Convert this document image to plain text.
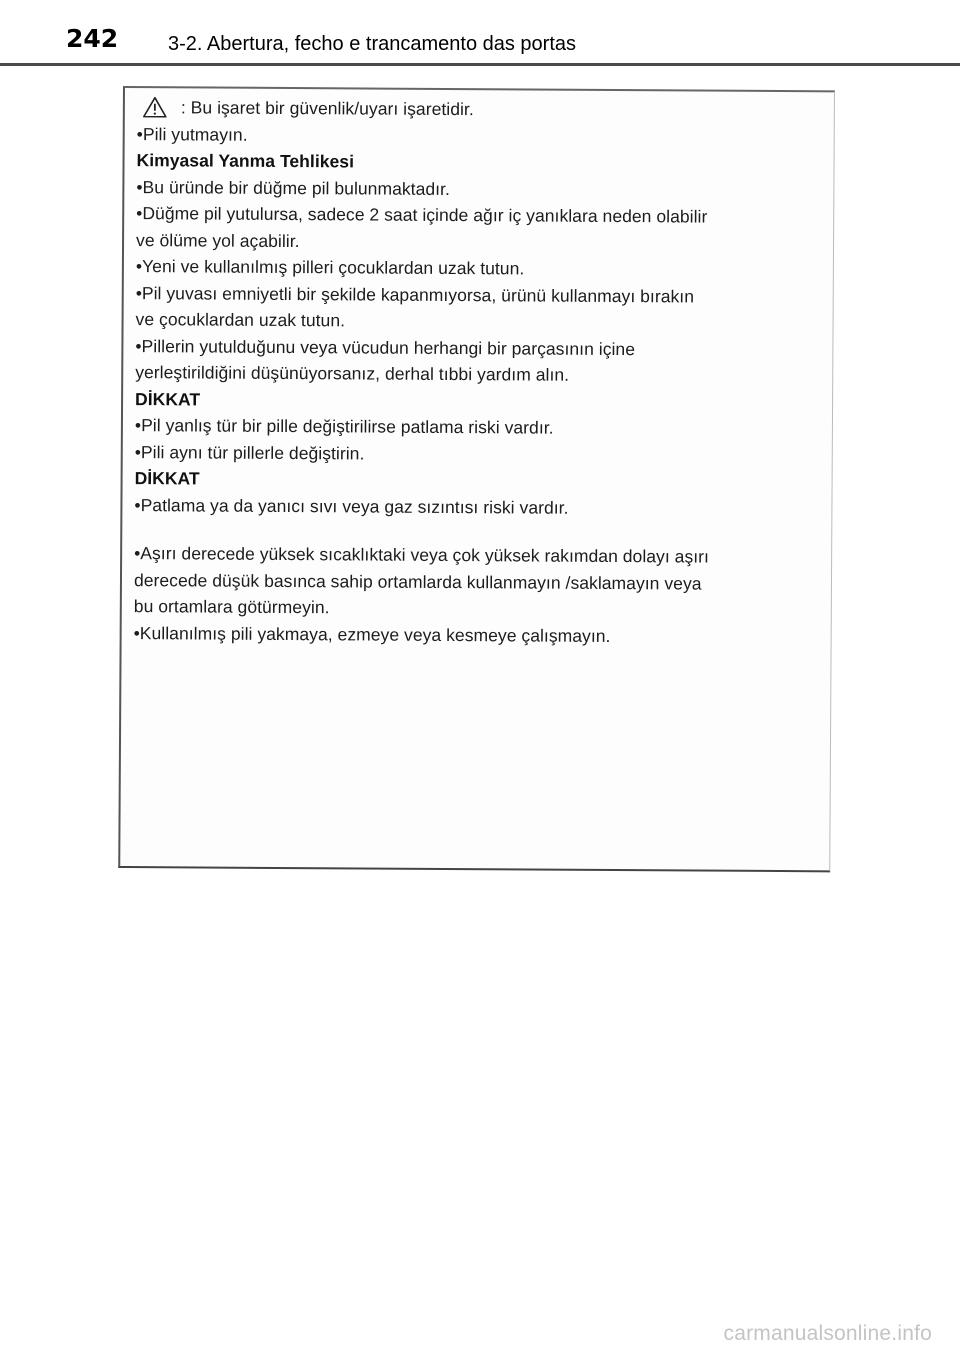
242 3-2. Abertura, fecho e trancamento das portas
: Bu işaret bir güvenlik/uyarı işaretidir.
•Pili yutmayın.
Kimyasal Yanma Tehlikesi
•Bu üründe bir düğme pil bulunmaktadır.
•Düğme pil yutulursa, sadece 2 saat içinde ağır iç yanıklara neden olabilir
ve ölüme yol açabilir.
•Yeni ve kullanılmış pilleri çocuklardan uzak tutun.
•Pil yuvası emniyetli bir şekilde kapanmıyorsa, ürünü kullanmayı bırakın
ve çocuklardan uzak tutun.
•Pillerin yutulduğunu veya vücudun herhangi bir parçasının içine
yerleştirildiğini düşünüyorsanız, derhal tıbbi yardım alın.
DİKKAT
•Pil yanlış tür bir pille değiştirilirse patlama riski vardır.
•Pili aynı tür pillerle değiştirin.
DİKKAT
•Patlama ya da yanıcı sıvı veya gaz sızıntısı riski vardır.
•Aşırı derecede yüksek sıcaklıktaki veya çok yüksek rakımdan dolayı aşırı
derecede düşük basınca sahip ortamlarda kullanmayın /saklamayın veya
bu ortamlara götürmeyin.
•Kullanılmış pili yakmaya, ezmeye veya kesmeye çalışmayın.
carmanualsonline.info
